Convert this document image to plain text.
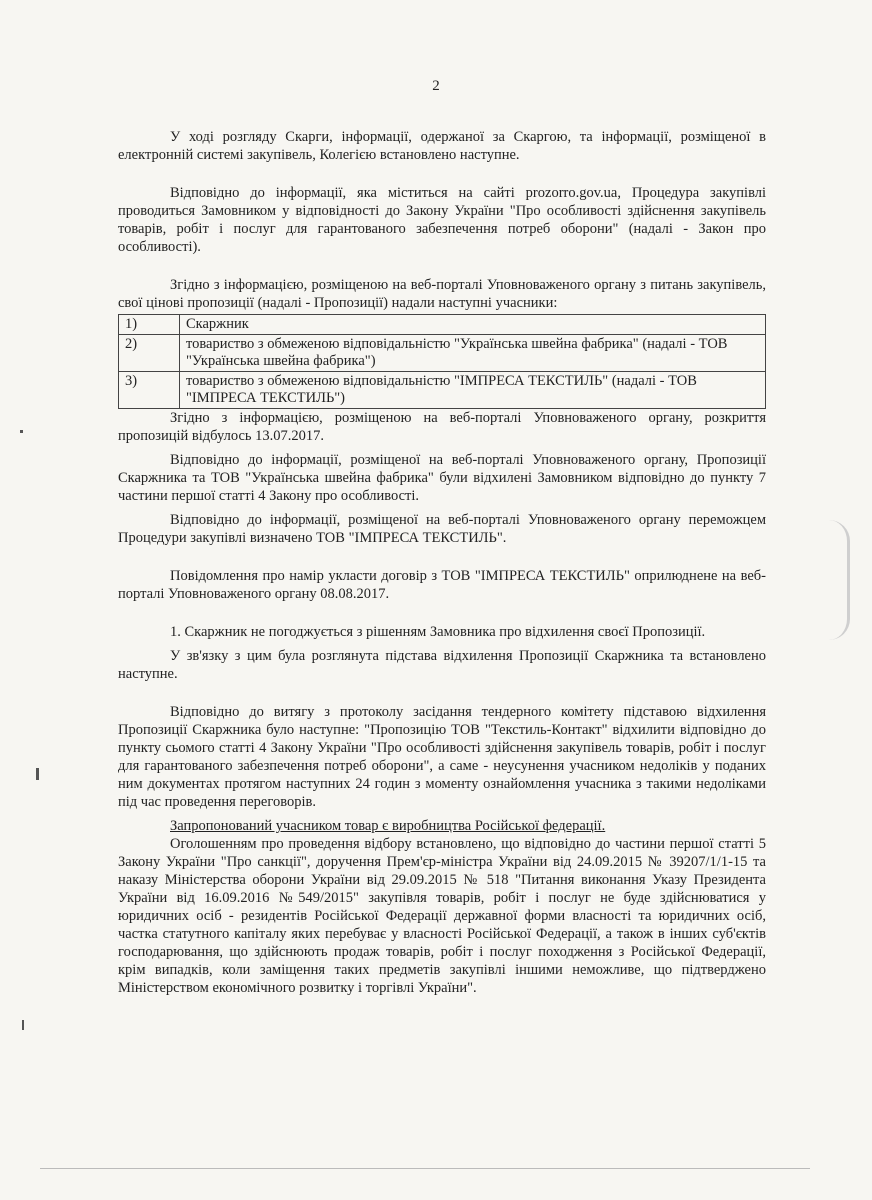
2

У ході розгляду Скарги, інформації, одержаної за Скаргою, та інформації, розміщеної в електронній системі закупівель, Колегією встановлено наступне.

Відповідно до інформації, яка міститься на сайті prozorro.gov.ua, Процедура закупівлі проводиться Замовником у відповідності до Закону України "Про особливості здійснення закупівель товарів, робіт і послуг для гарантованого забезпечення потреб оборони" (надалі - Закон про особливості).

Згідно з інформацією, розміщеною на веб-порталі Уповноваженого органу з питань закупівель, свої цінові пропозиції (надалі - Пропозиції) надали наступні учасники:

1)	Скаржник
2)	товариство з обмеженою відповідальністю "Українська швейна фабрика" (надалі - ТОВ "Українська швейна фабрика")
3)	товариство з обмеженою відповідальністю "ІМПРЕСА ТЕКСТИЛЬ" (надалі - ТОВ "ІМПРЕСА ТЕКСТИЛЬ")

Згідно з інформацією, розміщеною на веб-порталі Уповноваженого органу, розкриття пропозицій відбулось 13.07.2017.

Відповідно до інформації, розміщеної на веб-порталі Уповноваженого органу, Пропозиції Скаржника та ТОВ "Українська швейна фабрика" були відхилені Замовником відповідно до пункту 7 частини першої статті 4 Закону про особливості.

Відповідно до інформації, розміщеної на веб-порталі Уповноваженого органу переможцем Процедури закупівлі визначено ТОВ "ІМПРЕСА ТЕКСТИЛЬ".

Повідомлення про намір укласти договір з ТОВ "ІМПРЕСА ТЕКСТИЛЬ" оприлюднене на веб-порталі Уповноваженого органу 08.08.2017.

1. Скаржник не погоджується з рішенням Замовника про відхилення своєї Пропозиції.

У зв'язку з цим була розглянута підстава відхилення Пропозиції Скаржника та встановлено наступне.

Відповідно до витягу з протоколу засідання тендерного комітету підставою відхилення Пропозиції Скаржника було наступне: "Пропозицію ТОВ "Текстиль-Контакт" відхилити відповідно до пункту сьомого статті 4 Закону України "Про особливості здійснення закупівель товарів, робіт і послуг для гарантованого забезпечення потреб оборони", а саме - неусунення учасником недоліків у поданих ним документах протягом наступних 24 годин з моменту ознайомлення учасника з такими недоліками під час проведення переговорів.

Запропонований учасником товар є виробництва Російської федерації.

Оголошенням про проведення відбору встановлено, що відповідно до частини першої статті 5 Закону України "Про санкції", доручення Прем'єр-міністра України від 24.09.2015 № 39207/1/1-15 та наказу Міністерства оборони України від 29.09.2015 № 518 "Питання виконання Указу Президента України від 16.09.2016 №549/2015" закупівля товарів, робіт і послуг не буде здійснюватися у юридичних осіб - резидентів Російської Федерації державної форми власності та юридичних осіб, частка статутного капіталу яких перебуває у власності Російської Федерації, а також в інших суб'єктів господарювання, що здійснюють продаж товарів, робіт і послуг походження з Російської Федерації, крім випадків, коли заміщення таких предметів закупівлі іншими неможливе, що підтверджено Міністерством економічного розвитку і торгівлі України".
